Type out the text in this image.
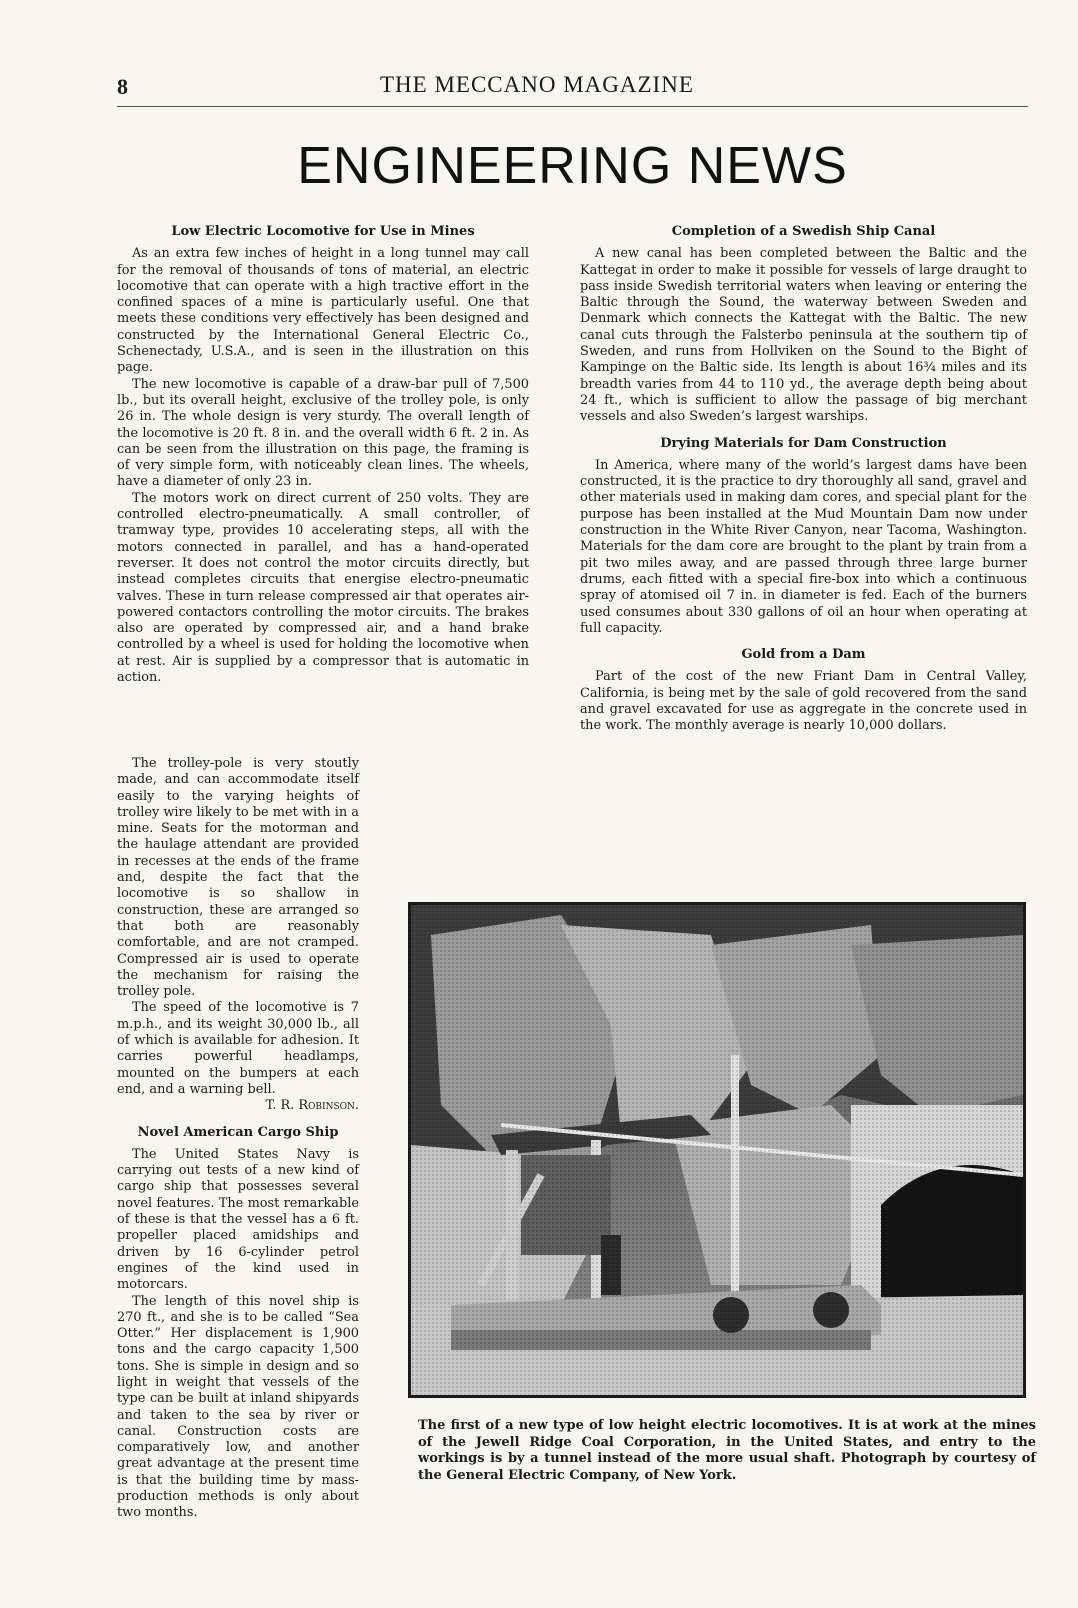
8	THE MECCANO MAGAZINE
ENGINEERING NEWS
Low Electric Locomotive for Use in Mines

As an extra few inches of height in a long tunnel may call for the removal of thousands of tons of material, an electric locomotive that can operate with a high tractive effort in the confined spaces of a mine is particularly useful. One that meets these conditions very effectively has been designed and constructed by the International General Electric Co., Schenectady, U.S.A., and is seen in the illustration on this page.

The new locomotive is capable of a draw-bar pull of 7,500 lb., but its overall height, exclusive of the trolley pole, is only 26 in. The whole design is very sturdy. The overall length of the locomotive is 20 ft. 8 in. and the overall width 6 ft. 2 in. As can be seen from the illustration on this page, the framing is of very simple form, with noticeably clean lines. The wheels, have a diameter of only 23 in.

The motors work on direct current of 250 volts. They are controlled electro-pneumatically. A small controller, of tramway type, provides 10 accelerating steps, all with the motors connected in parallel, and has a hand-operated reverser. It does not control the motor circuits directly, but instead completes circuits that energise electro-pneumatic valves. These in turn release compressed air that operates air-powered contactors controlling the motor circuits. The brakes also are operated by compressed air, and a hand brake controlled by a wheel is used for holding the locomotive when at rest. Air is supplied by a compressor that is automatic in action.

The trolley-pole is very stoutly made, and can accommodate itself easily to the varying heights of trolley wire likely to be met with in a mine. Seats for the motorman and the haulage attendant are provided in recesses at the ends of the frame and, despite the fact that the locomotive is so shallow in construction, these are arranged so that both are reasonably comfortable, and are not cramped. Compressed air is used to operate the mechanism for raising the trolley pole.

The speed of the locomotive is 7 m.p.h., and its weight 30,000 lb., all of which is available for adhesion. It carries powerful headlamps, mounted on the bumpers at each end, and a warning bell.

T. R. Robinson.
Novel American Cargo Ship

The United States Navy is carrying out tests of a new kind of cargo ship that possesses several novel features. The most remarkable of these is that the vessel has a 6 ft. propeller placed amidships and driven by 16 6-cylinder petrol engines of the kind used in motorcars.

The length of this novel ship is 270 ft., and she is to be called “Sea Otter.” Her displacement is 1,900 tons and the cargo capacity 1,500 tons. She is simple in design and so light in weight that vessels of the type can be built at inland shipyards and taken to the sea by river or canal. Construction costs are comparatively low, and another great advantage at the present time is that the building time by mass-production methods is only about two months.

Completion of a Swedish Ship Canal

A new canal has been completed between the Baltic and the Kattegat in order to make it possible for vessels of large draught to pass inside Swedish territorial waters when leaving or entering the Baltic through the Sound, the waterway between Sweden and Denmark which connects the Kattegat with the Baltic. The new canal cuts through the Falsterbo peninsula at the southern tip of Sweden, and runs from Hollviken on the Sound to the Bight of Kampinge on the Baltic side. Its length is about 16¾ miles and its breadth varies from 44 to 110 yd., the average depth being about 24 ft., which is sufficient to allow the passage of big merchant vessels and also Sweden’s largest warships.

Drying Materials for Dam Construction

In America, where many of the world’s largest dams have been constructed, it is the practice to dry thoroughly all sand, gravel and other materials used in making dam cores, and special plant for the purpose has been installed at the Mud Mountain Dam now under construction in the White River Canyon, near Tacoma, Washington. Materials for the dam core are brought to the plant by train from a pit two miles away, and are passed through three large burner drums, each fitted with a special fire-box into which a continuous spray of atomised oil 7 in. in diameter is fed. Each of the burners used consumes about 330 gallons of oil an hour when operating at full capacity.

Gold from a Dam

Part of the cost of the new Friant Dam in Central Valley, California, is being met by the sale of gold recovered from the sand and gravel excavated for use as aggregate in the concrete used in the work. The monthly average is nearly 10,000 dollars.

The first of a new type of low height electric locomotives. It is at work at the mines of the Jewell Ridge Coal Corporation, in the United States, and entry to the workings is by a tunnel instead of the more usual shaft. Photograph by courtesy of the General Electric Company, of New York.
